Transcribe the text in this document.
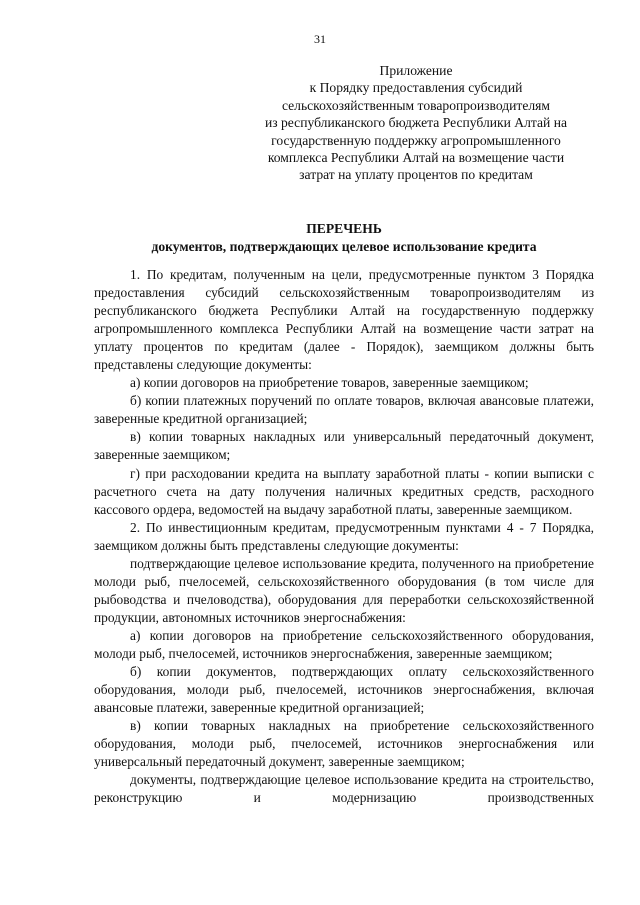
31
Приложение
к Порядку предоставления субсидий
сельскохозяйственным товаропроизводителям
из республиканского бюджета Республики Алтай на
государственную поддержку агропромышленного
комплекса Республики Алтай на возмещение части
затрат на уплату процентов по кредитам
ПЕРЕЧЕНЬ
документов, подтверждающих целевое использование кредита

1. По кредитам, полученным на цели, предусмотренные пунктом 3 Порядка предоставления субсидий сельскохозяйственным товаропроизводителям из республиканского бюджета Республики Алтай на государственную поддержку агропромышленного комплекса Республики Алтай на возмещение части затрат на уплату процентов по кредитам (далее - Порядок), заемщиком должны быть представлены следующие документы:

а) копии договоров на приобретение товаров, заверенные заемщиком;

б) копии платежных поручений по оплате товаров, включая авансовые платежи, заверенные кредитной организацией;

в) копии товарных накладных или универсальный передаточный документ, заверенные заемщиком;

г) при расходовании кредита на выплату заработной платы - копии выписки с расчетного счета на дату получения наличных кредитных средств, расходного кассового ордера, ведомостей на выдачу заработной платы, заверенные заемщиком.

2. По инвестиционным кредитам, предусмотренным пунктами 4 - 7 Порядка, заемщиком должны быть представлены следующие документы:

подтверждающие целевое использование кредита, полученного на приобретение молоди рыб, пчелосемей, сельскохозяйственного оборудования (в том числе для рыбоводства и пчеловодства), оборудования для переработки сельскохозяйственной продукции, автономных источников энергоснабжения:

а) копии договоров на приобретение сельскохозяйственного оборудования, молоди рыб, пчелосемей, источников энергоснабжения, заверенные заемщиком;

б) копии документов, подтверждающих оплату сельскохозяйственного оборудования, молоди рыб, пчелосемей, источников энергоснабжения, включая авансовые платежи, заверенные кредитной организацией;

в) копии товарных накладных на приобретение сельскохозяйственного оборудования, молоди рыб, пчелосемей, источников энергоснабжения или универсальный передаточный документ, заверенные заемщиком;

документы, подтверждающие целевое использование кредита на строительство, реконструкцию и модернизацию производственных
